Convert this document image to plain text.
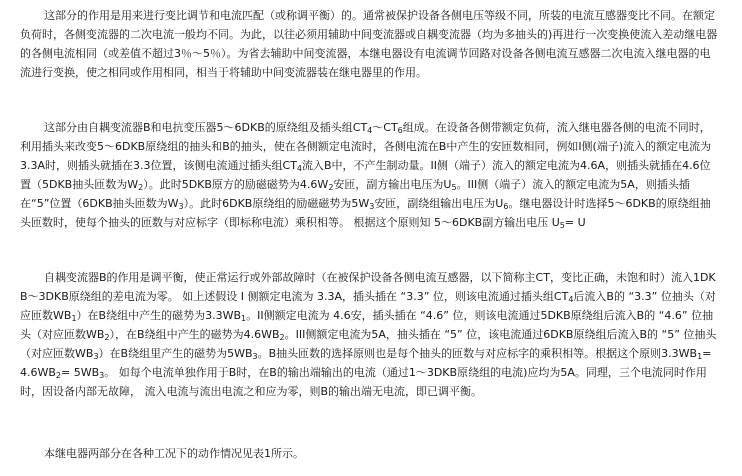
这部分的作用是用来进行变比调节和电流匹配（或称调平衡）的。通常被保护设备各侧电压等级不同，所装的电流互感器变比不同。在额定负荷时，各侧变流器的二次电流一般均不同。为此，以往必须用辅助中间变流器或自耦变流器（均为多抽头的)再进行一次变换使流入差动继电器的各侧电流相同（或差值不超过3％～5％）。为省去辅助中间变流器，本继电器设有电流调节回路对设备各侧电流互感器二次电流入继电器的电流进行变换，使之相同或作用相同，相当于将辅助中间变流器装在继电器里的作用。

这部分由自耦变流器B和电抗变压器5～6DKB的原绕组及插头组$CT_4\sim CT_6$组成。在设备各侧带额定负荷，流入继电器各侧的电流不同时，利用插头来改变5～6DKB原绕组的抽头和B的抽头，使在各侧额定电流时，各侧电流在B中产生的安匝数相同，例如I侧(端子)流入的额定电流为3.3A时，则插头就插在3.3位置，该侧电流通过插头组$CT_4$流入B中，不产生制动量。II侧（端子）流入的额定电流为4.6A，则插头就插在4.6位置（5DKB抽头匝数为$W_2$）。此时5DKB原方的励磁磁势为$4.6W_2$安匝，副方输出电压为$U_5$。III侧（端子）流入的额定电流为5A，则插头插在“5”位置（6DKB抽头匝数为$W_3$）。此时6DKB原绕组的励磁磁势为$5W_3$安匝，副绕组输出电压为$U_6$。继电器设计时选择5～6DKB的原绕组抽头匝数时，使每个抽头的匝数与对应标字（即标称电流）乘积相等。 根据这个原则知 5～6DKB副方输出电压 $U_5= U$

自耦变流器B的作用是调平衡，使正常运行或外部故障时（在被保护设备各侧电流互感器，以下简称主CT，变比正确，未饱和时）流入1DKB～3DKB原绕组的差电流为零。 如上述假设 I 侧额定电流为 3.3A，插头插在 “3.3” 位，则该电流通过插头组$CT_4$后流入B的 “3.3” 位抽头（对应匝数$WB_1$）在B绕组中产生的磁势为$3.3WB_1$。II侧额定电流为 4.6安，插头插在 “4.6” 位，则该电流通过5DKB原绕组后流入B的 “4.6” 位抽头（对应匝数$WB_2$），在B绕组中产生的磁势为$4.6WB_2$。III侧额定电流为5A，抽头插在 “5” 位，该电流通过6DKB原绕组后流入B的 “5” 位抽头（对应匝数$WB_3$）在B绕组里产生的磁势为$5WB_3$。B抽头匝数的选择原则也是每个抽头的匝数与对应标字的乘积相等。根据这个原则$3.3WB_1= 4.6WB_2= 5WB_3$。 如每个电流单独作用于B时，在B的输出端输出的电流（通过1～3DKB原绕组的电流)应均为5A。同理，三个电流同时作用时，因设备内部无故障， 流入电流与流出电流之和应为零，则B的输出端无电流，即已调平衡。

本继电器两部分在各种工况下的动作情况见表1所示。
